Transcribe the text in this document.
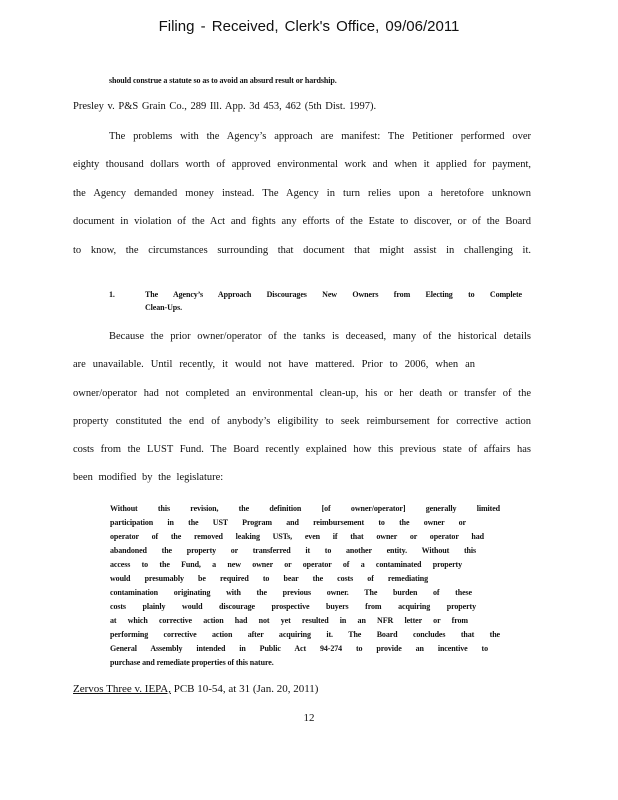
Filing - Received, Clerk's Office, 09/06/2011
should construe a statute so as to avoid an absurd result or hardship.
Presley v. P&S Grain Co., 289 Ill. App. 3d 453, 462 (5th Dist. 1997).
The problems with the Agency’s approach are manifest: The Petitioner performed over
eighty thousand dollars worth of approved environmental work and when it applied for payment,
the Agency demanded money instead. The Agency in turn relies upon a heretofore unknown
document in violation of the Act and fights any efforts of the Estate to discover, or of the Board
to know, the circumstances surrounding that document that might assist in challenging it.
1.	The Agency’s Approach Discourages New Owners from Electing to Complete
Clean-Ups.
Because the prior owner/operator of the tanks is deceased, many of the historical details
are unavailable. Until recently, it would not have mattered. Prior to 2006, when an
owner/operator had not completed an environmental clean-up, his or her death or transfer of the
property constituted the end of anybody’s eligibility to seek reimbursement for corrective action
costs from the LUST Fund. The Board recently explained how this previous state of affairs has
been modified by the legislature:
Without this revision, the definition [of owner/operator] generally limited
participation in the UST Program and reimbursement to the owner or
operator of the removed leaking USTs, even if that owner or operator had
abandoned the property or transferred it to another entity. Without this
access to the Fund, a new owner or operator of a contaminated property
would presumably be required to bear the costs of remediating
contamination originating with the previous owner. The burden of these
costs plainly would discourage prospective buyers from acquiring property
at which corrective action had not yet resulted in an NFR letter or from
performing corrective action after acquiring it. The Board concludes that the
General Assembly intended in Public Act 94-274 to provide an incentive to
purchase and remediate properties of this nature.
Zervos Three v. IEPA, PCB 10-54, at 31 (Jan. 20, 2011)
12
